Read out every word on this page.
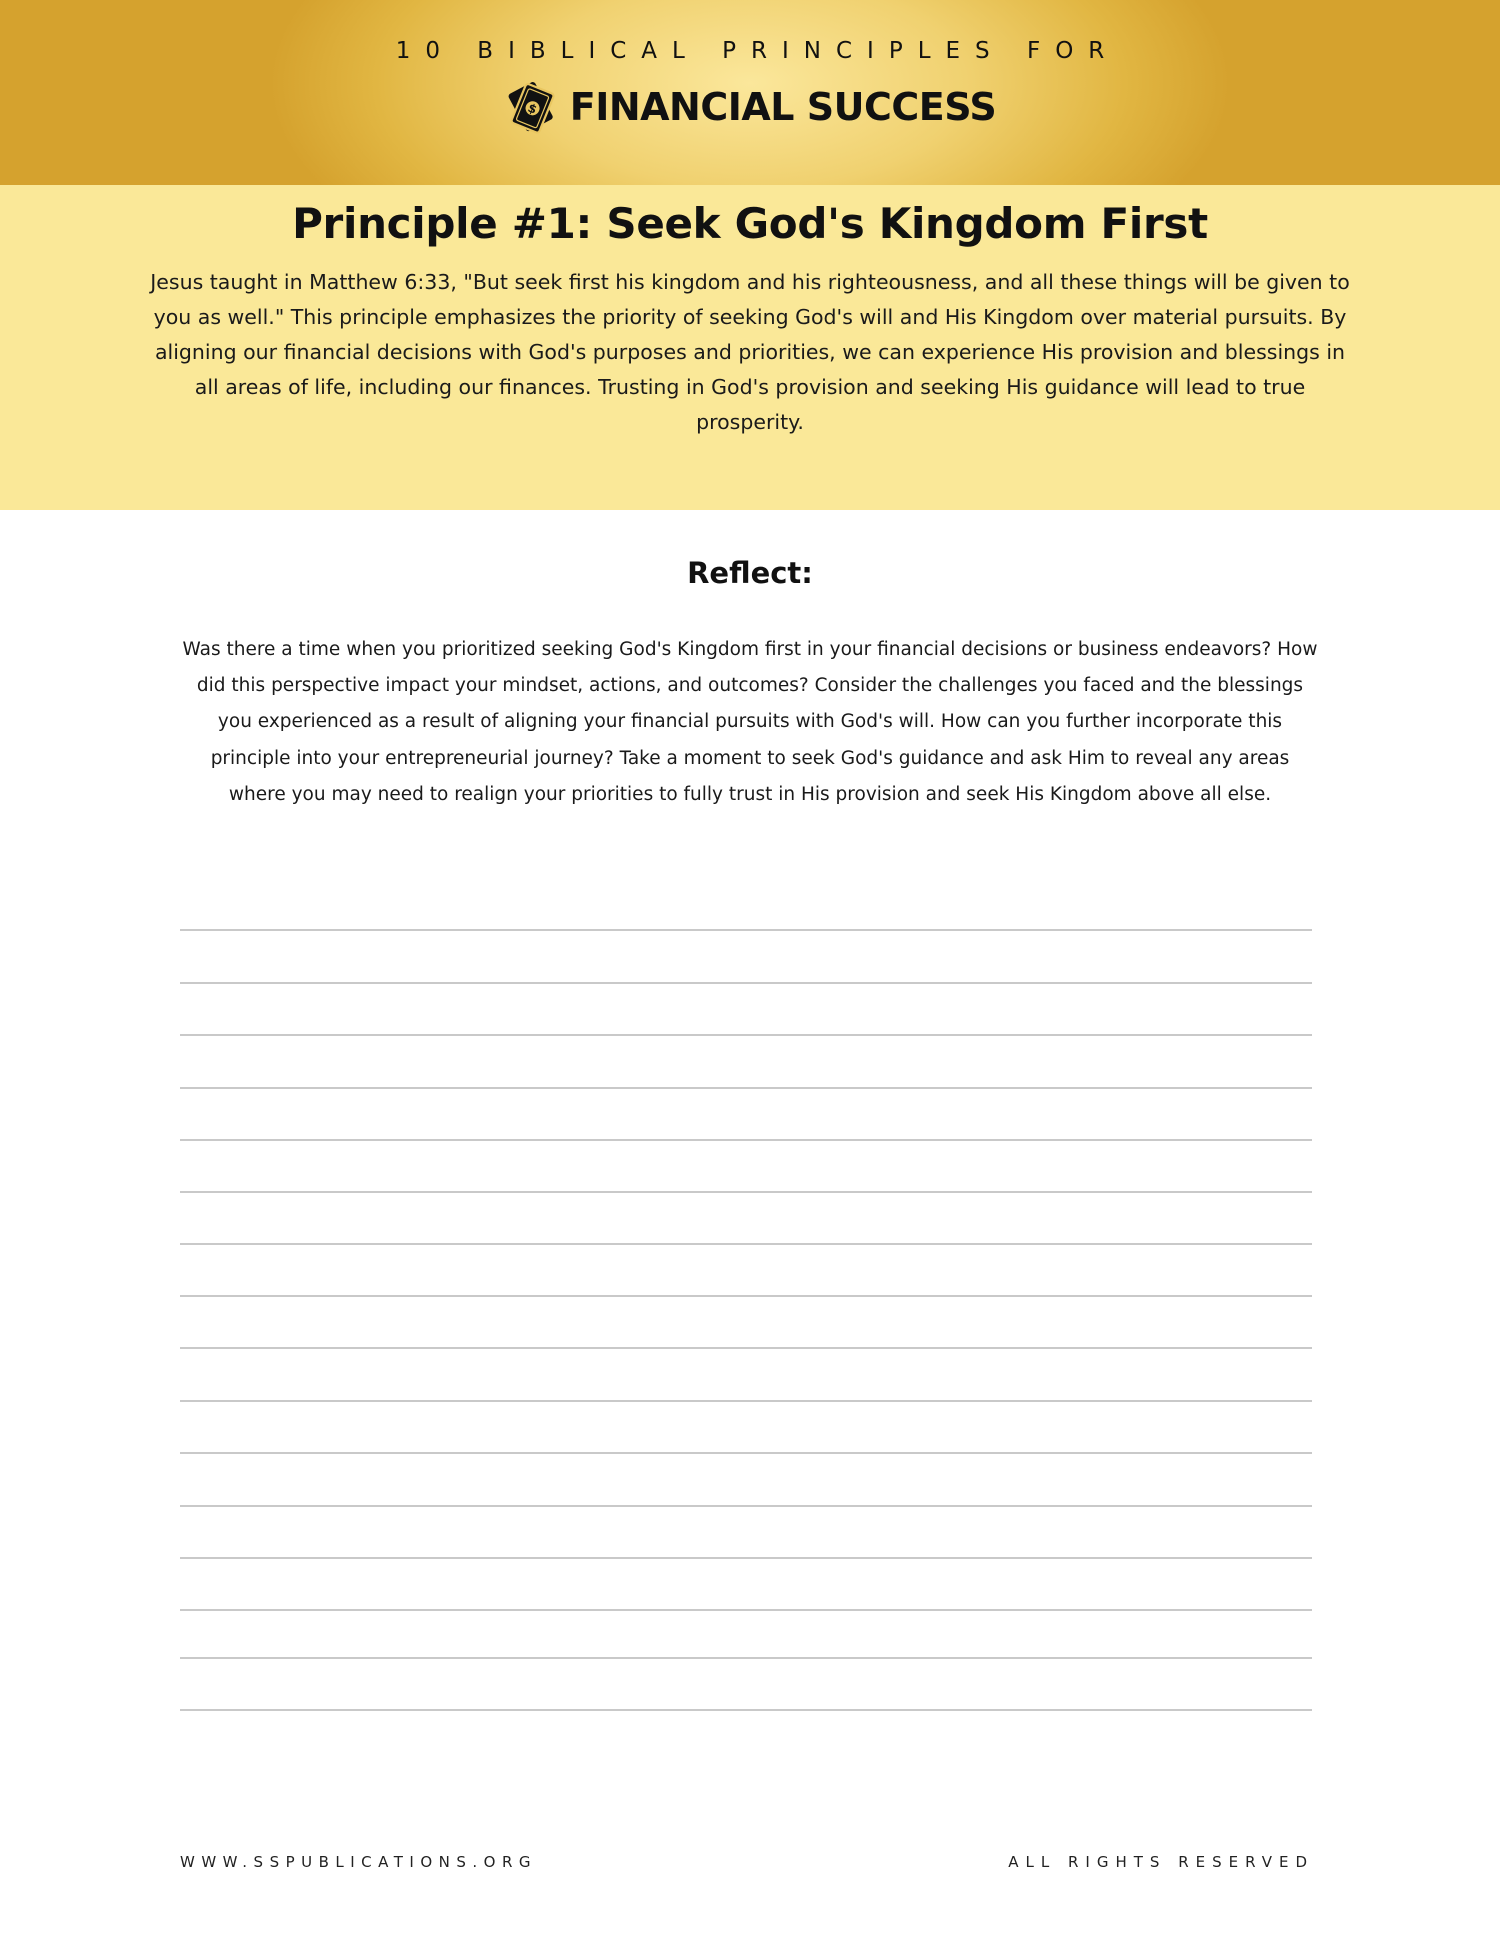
10 BIBLICAL PRINCIPLES FOR
$ FINANCIAL SUCCESS
Principle #1: Seek God's Kingdom First

Jesus taught in Matthew 6:33, "But seek first his kingdom and his righteousness, and all these things will be given to you as well." This principle emphasizes the priority of seeking God's will and His Kingdom over material pursuits. By aligning our financial decisions with God's purposes and priorities, we can experience His provision and blessings in all areas of life, including our finances. Trusting in God's provision and seeking His guidance will lead to true prosperity.

Reflect:

Was there a time when you prioritized seeking God's Kingdom first in your financial decisions or business endeavors? How did this perspective impact your mindset, actions, and outcomes? Consider the challenges you faced and the blessings you experienced as a result of aligning your financial pursuits with God's will. How can you further incorporate this principle into your entrepreneurial journey? Take a moment to seek God's guidance and ask Him to reveal any areas where you may need to realign your priorities to fully trust in His provision and seek His Kingdom above all else.

WWW.SSPUBLICATIONS.ORG	ALL RIGHTS RESERVED
